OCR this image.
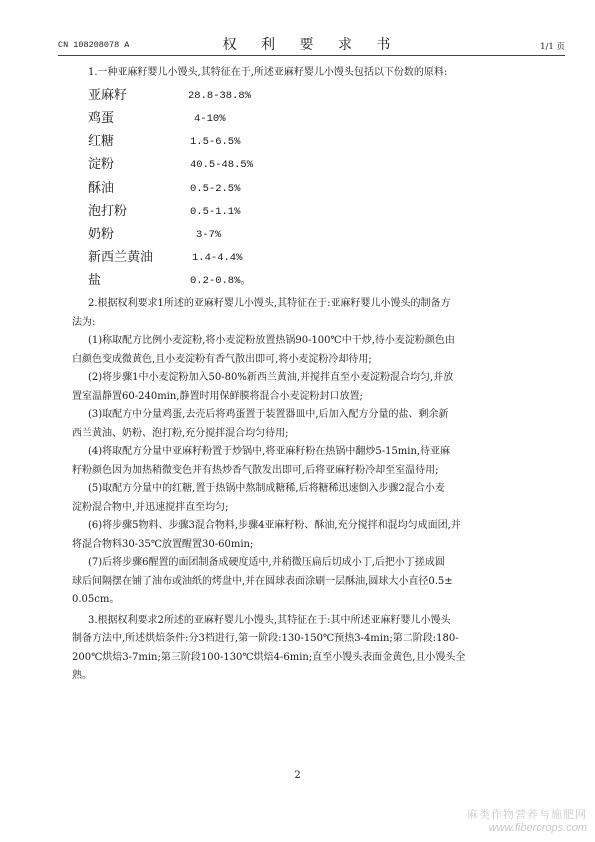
CN 108208078 A	权 利 要 求 书	1/1 页

1.一种亚麻籽婴儿小馒头,其特征在于,所述亚麻籽婴儿小馒头包括以下份数的原料:

亚麻籽	28.8-38.8%
鸡蛋	4-10%
红糖	1.5-6.5%
淀粉	40.5-48.5%
酥油	0.5-2.5%
泡打粉	0.5-1.1%
奶粉	3-7%
新西兰黄油	1.4-4.4%
盐	0.2-0.8%。

2.根据权利要求1所述的亚麻籽婴儿小馒头,其特征在于:亚麻籽婴儿小馒头的制备方
法为:

(1)称取配方比例小麦淀粉,将小麦淀粉放置热锅90-100℃中干炒,待小麦淀粉颜色由
白颜色变成微黄色,且小麦淀粉有香气散出即可,将小麦淀粉冷却待用;

(2)将步骤1中小麦淀粉加入50-80%新西兰黄油,并搅拌直至小麦淀粉混合均匀,并放
置室温静置60-240min,静置时用保鲜膜将混合小麦淀粉封口放置;

(3)取配方中分量鸡蛋,去壳后将鸡蛋置于装置器皿中,后加入配方分量的盐、剩余新
西兰黄油、奶粉、泡打粉,充分搅拌混合均匀待用;

(4)将取配方分量中亚麻籽粉置于炒锅中,将亚麻籽粉在热锅中翻炒5-15min,待亚麻
籽粉颜色因为加热稍微变色并有热炒香气散发出即可,后将亚麻籽粉冷却至室温待用;

(5)取配方分量中的红糖,置于热锅中熬制成糖稀,后将糖稀迅速倒入步骤2混合小麦
淀粉混合物中,并迅速搅拌直至均匀;

(6)将步骤5物料、步骤3混合物料,步骤4亚麻籽粉、酥油,充分搅拌和混均匀成面团,并
将混合物料30-35℃放置醒置30-60min;

(7)后将步骤6醒置的面团制备成硬度适中,并稍微压扁后切成小丁,后把小丁搓成圆
球后间隔摆在铺了油布或油纸的烤盘中,并在圆球表面涂刷一层酥油,圆球大小直径0.5±
0.05cm。

3.根据权利要求2所述的亚麻籽婴儿小馒头,其特征在于:其中所述亚麻籽婴儿小馒头
制备方法中,所述烘焙条件:分3档进行,第一阶段:130-150℃预热3-4min;第二阶段:180-
200℃烘焙3-7min;第三阶段100-130℃烘焙4-6min;直至小馒头表面金黄色,且小馒头全
熟。

2
麻类作物营养与施肥网
www.fibercrops.com
